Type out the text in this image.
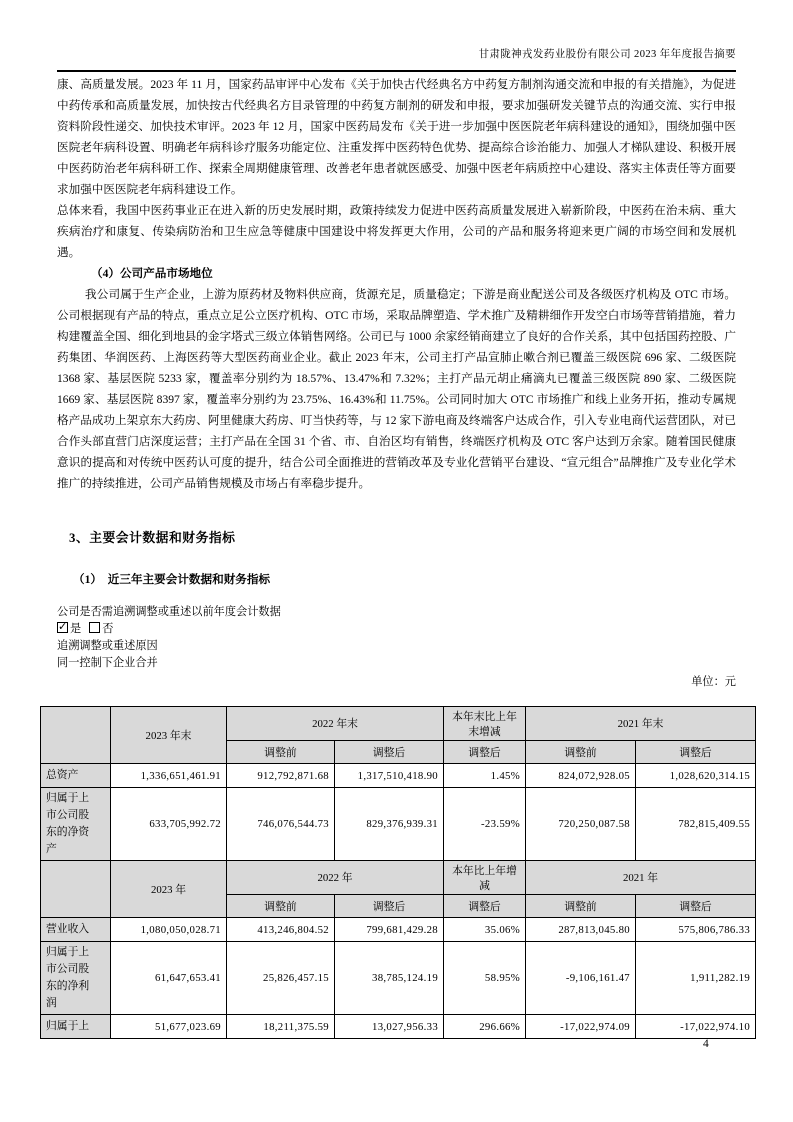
甘肃陇神戎发药业股份有限公司 2023 年年度报告摘要

康、高质量发展。2023 年 11 月，国家药品审评中心发布《关于加快古代经典名方中药复方制剂沟通交流和申报的有关措施》，为促进中药传承和高质量发展，加快按古代经典名方目录管理的中药复方制剂的研发和申报，要求加强研发关键节点的沟通交流、实行申报资料阶段性递交、加快技术审评。2023 年 12 月，国家中医药局发布《关于进一步加强中医医院老年病科建设的通知》，围绕加强中医医院老年病科设置、明确老年病科诊疗服务功能定位、注重发挥中医药特色优势、提高综合诊治能力、加强人才梯队建设、积极开展中医药防治老年病科研工作、探索全周期健康管理、改善老年患者就医感受、加强中医老年病质控中心建设、落实主体责任等方面要求加强中医医院老年病科建设工作。

总体来看，我国中医药事业正在进入新的历史发展时期，政策持续发力促进中医药高质量发展进入崭新阶段，中医药在治未病、重大疾病治疗和康复、传染病防治和卫生应急等健康中国建设中将发挥更大作用，公司的产品和服务将迎来更广阔的市场空间和发展机遇。

（4）公司产品市场地位

我公司属于生产企业，上游为原药材及物料供应商，货源充足，质量稳定；下游是商业配送公司及各级医疗机构及 OTC 市场。公司根据现有产品的特点，重点立足公立医疗机构、OTC 市场，采取品牌塑造、学术推广及精耕细作开发空白市场等营销措施，着力构建覆盖全国、细化到地县的金字塔式三级立体销售网络。公司已与 1000 余家经销商建立了良好的合作关系，其中包括国药控股、广药集团、华润医药、上海医药等大型医药商业企业。截止 2023 年末，公司主打产品宣肺止嗽合剂已覆盖三级医院 696 家、二级医院 1368 家、基层医院 5233 家，覆盖率分别约为 18.57%、13.47%和 7.32%；主打产品元胡止痛滴丸已覆盖三级医院 890 家、二级医院 1669 家、基层医院 8397 家，覆盖率分别约为 23.75%、16.43%和 11.75%。公司同时加大 OTC 市场推广和线上业务开拓，推动专属规格产品成功上架京东大药房、阿里健康大药房、叮当快药等，与 12 家下游电商及终端客户达成合作，引入专业电商代运营团队，对已合作头部直营门店深度运营；主打产品在全国 31 个省、市、自治区均有销售，终端医疗机构及 OTC 客户达到万余家。随着国民健康意识的提高和对传统中医药认可度的提升，结合公司全面推进的营销改革及专业化营销平台建设、“宣元组合”品牌推广及专业化学术推广的持续推进，公司产品销售规模及市场占有率稳步提升。

3、主要会计数据和财务指标
（1）　近三年主要会计数据和财务指标
公司是否需追溯调整或重述以前年度会计数据
✓ 是 否
追溯调整或重述原因
同一控制下企业合并
单位：元
	2023 年末	2022 年末		本年末比上年末增减	2021 年末	
		调整前	调整后	调整后	调整前	调整后
总资产	1,336,651,461.91	912,792,871.68	1,317,510,418.90	1.45%	824,072,928.05	1,028,620,314.15
归属于上市公司股东的净资产	633,705,992.72	746,076,544.73	829,376,939.31	-23.59%	720,250,087.58	782,815,409.55
	2023 年	2022 年		本年比上年增减	2021 年	
		调整前	调整后	调整后	调整前	调整后
营业收入	1,080,050,028.71	413,246,804.52	799,681,429.28	35.06%	287,813,045.80	575,806,786.33
归属于上市公司股东的净利润	61,647,653.41	25,826,457.15	38,785,124.19	58.95%	-9,106,161.47	1,911,282.19
归属于上	51,677,023.69	18,211,375.59	13,027,956.33	296.66%	-17,022,974.09	-17,022,974.10
4
